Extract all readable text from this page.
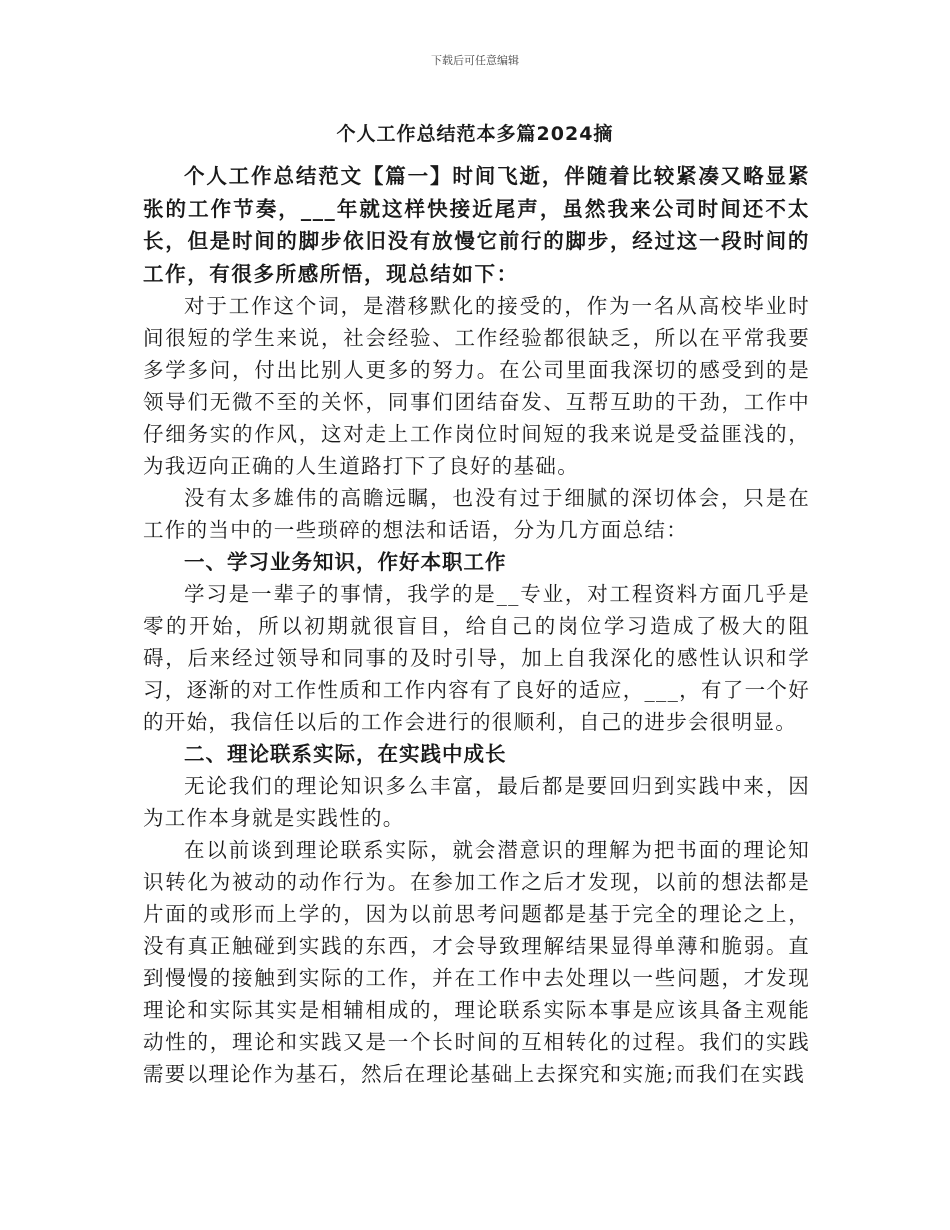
下载后可任意编辑
个人工作总结范本多篇2024摘

个人工作总结范文【篇一】时间飞逝，伴随着比较紧凑又略显紧张的工作节奏，___年就这样快接近尾声，虽然我来公司时间还不太长，但是时间的脚步依旧没有放慢它前行的脚步，经过这一段时间的工作，有很多所感所悟，现总结如下：

对于工作这个词，是潜移默化的接受的，作为一名从高校毕业时间很短的学生来说，社会经验、工作经验都很缺乏，所以在平常我要多学多问，付出比别人更多的努力。在公司里面我深切的感受到的是领导们无微不至的关怀，同事们团结奋发、互帮互助的干劲，工作中仔细务实的作风，这对走上工作岗位时间短的我来说是受益匪浅的，为我迈向正确的人生道路打下了良好的基础。

没有太多雄伟的高瞻远瞩，也没有过于细腻的深切体会，只是在工作的当中的一些琐碎的想法和话语，分为几方面总结：

一、学习业务知识，作好本职工作

学习是一辈子的事情，我学的是__专业，对工程资料方面几乎是零的开始，所以初期就很盲目，给自己的岗位学习造成了极大的阻碍，后来经过领导和同事的及时引导，加上自我深化的感性认识和学习，逐渐的对工作性质和工作内容有了良好的适应，___，有了一个好的开始，我信任以后的工作会进行的很顺利，自己的进步会很明显。

二、理论联系实际，在实践中成长

无论我们的理论知识多么丰富，最后都是要回归到实践中来，因为工作本身就是实践性的。

在以前谈到理论联系实际，就会潜意识的理解为把书面的理论知识转化为被动的动作行为。在参加工作之后才发现，以前的想法都是片面的或形而上学的，因为以前思考问题都是基于完全的理论之上，没有真正触碰到实践的东西，才会导致理解结果显得单薄和脆弱。直到慢慢的接触到实际的工作，并在工作中去处理以一些问题，才发现理论和实际其实是相辅相成的，理论联系实际本事是应该具备主观能动性的，理论和实践又是一个长时间的互相转化的过程。我们的实践需要以理论作为基石，然后在理论基础上去探究和实施;而我们在实践
